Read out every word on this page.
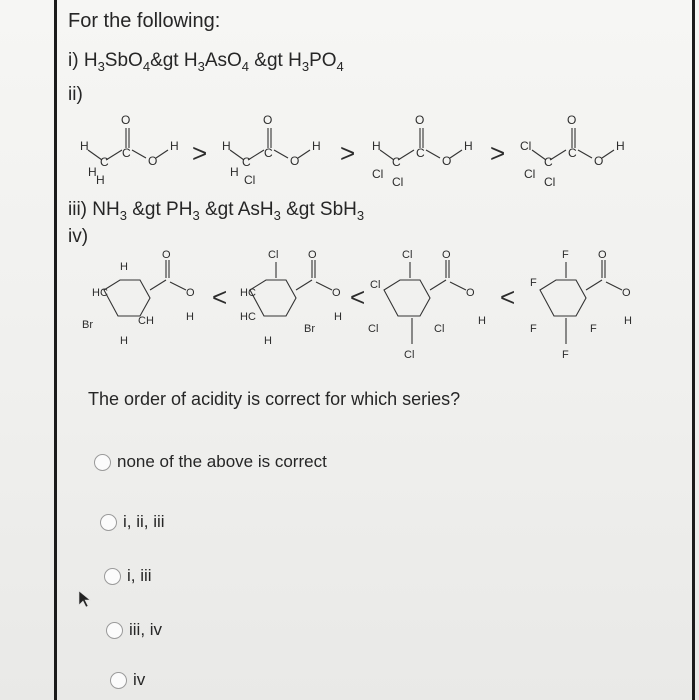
For the following:
i) $H_3SbO_4\&gt$ $H_3AsO_4$ &gt $H_3PO_4$
ii)
iii) $NH_3$ &gt $PH_3$ &gt AsH$_3$ &gt SbH$_3$
iv)
O
H
C
C
O
H
H
H
O
H
C
C
O
H
H
Cl
O
H
C
C
O
H
Cl
Cl
O
Cl
C
C
O
H
Cl
Cl
>	>	>
O
O
H
HC
CH
Br
H
H
O
O
H
Cl
HC
HC
Br
H
O
O
H
Cl
Cl
Cl	Cl
Cl
O
O
H
F
F
F	F
F
<	<	<
The order of acidity is correct for which series?
none of the above is correct
i, ii, iii
i, iii
iii, iv
iv
